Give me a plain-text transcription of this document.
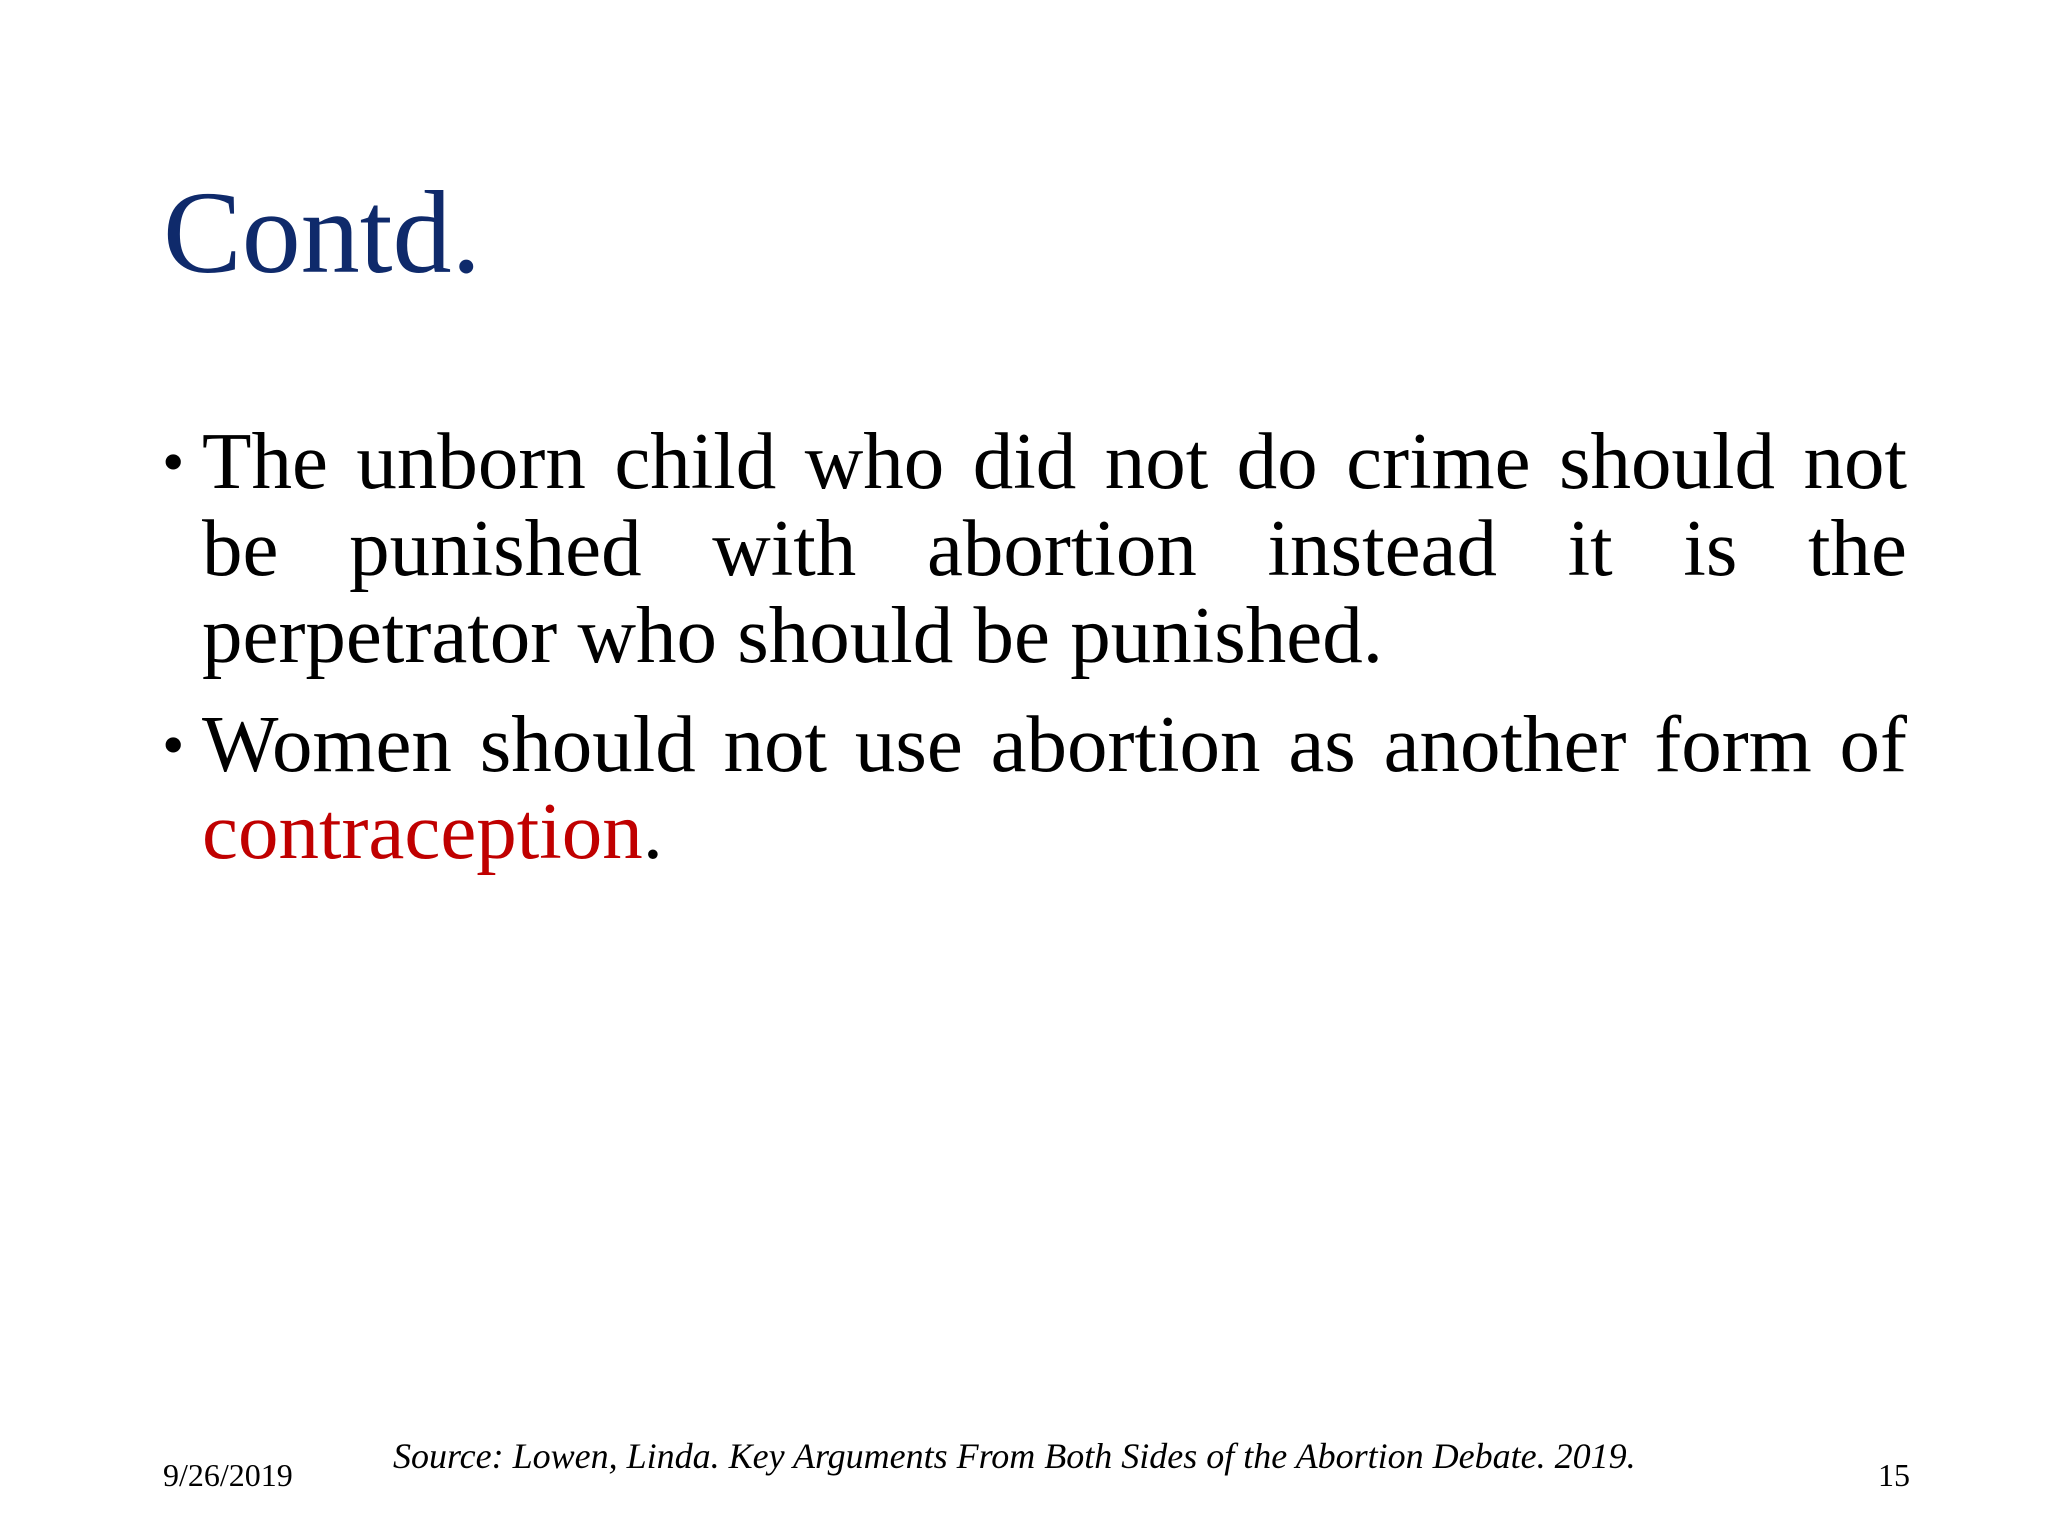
Contd.

• The unborn child who did not do crime should not be punished with abortion instead it is the perpetrator who should be punished.

• Women should not use abortion as another form of contraception.

9/26/2019	Source: Lowen, Linda. Key Arguments From Both Sides of the Abortion Debate. 2019.	15
